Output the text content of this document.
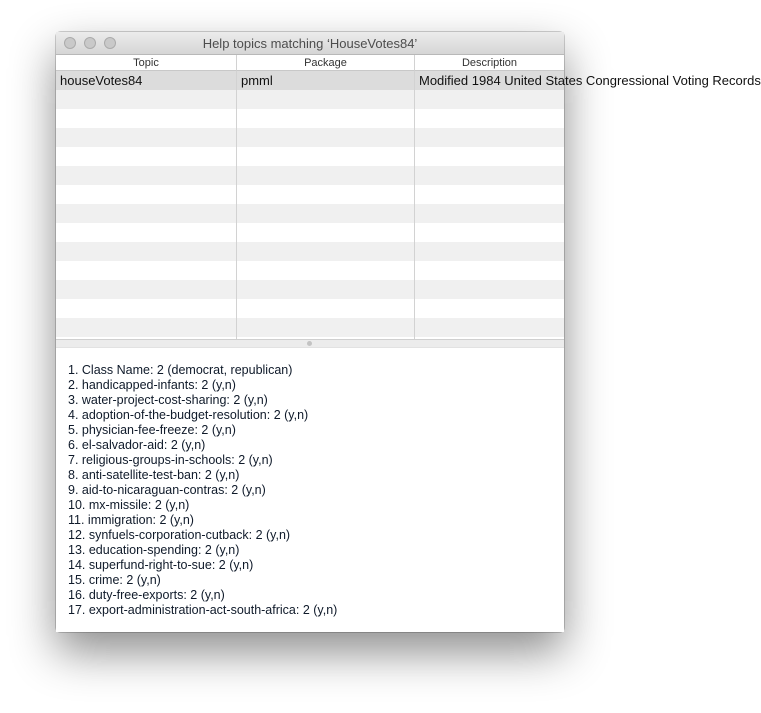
Help topics matching ‘HouseVotes84’
Topic	Package	Description
houseVotes84	pmml	Modified 1984 United States Congressional Voting Records
1. Class Name: 2 (democrat, republican)
2. handicapped-infants: 2 (y,n)
3. water-project-cost-sharing: 2 (y,n)
4. adoption-of-the-budget-resolution: 2 (y,n)
5. physician-fee-freeze: 2 (y,n)
6. el-salvador-aid: 2 (y,n)
7. religious-groups-in-schools: 2 (y,n)
8. anti-satellite-test-ban: 2 (y,n)
9. aid-to-nicaraguan-contras: 2 (y,n)
10. mx-missile: 2 (y,n)
11. immigration: 2 (y,n)
12. synfuels-corporation-cutback: 2 (y,n)
13. education-spending: 2 (y,n)
14. superfund-right-to-sue: 2 (y,n)
15. crime: 2 (y,n)
16. duty-free-exports: 2 (y,n)
17. export-administration-act-south-africa: 2 (y,n)
